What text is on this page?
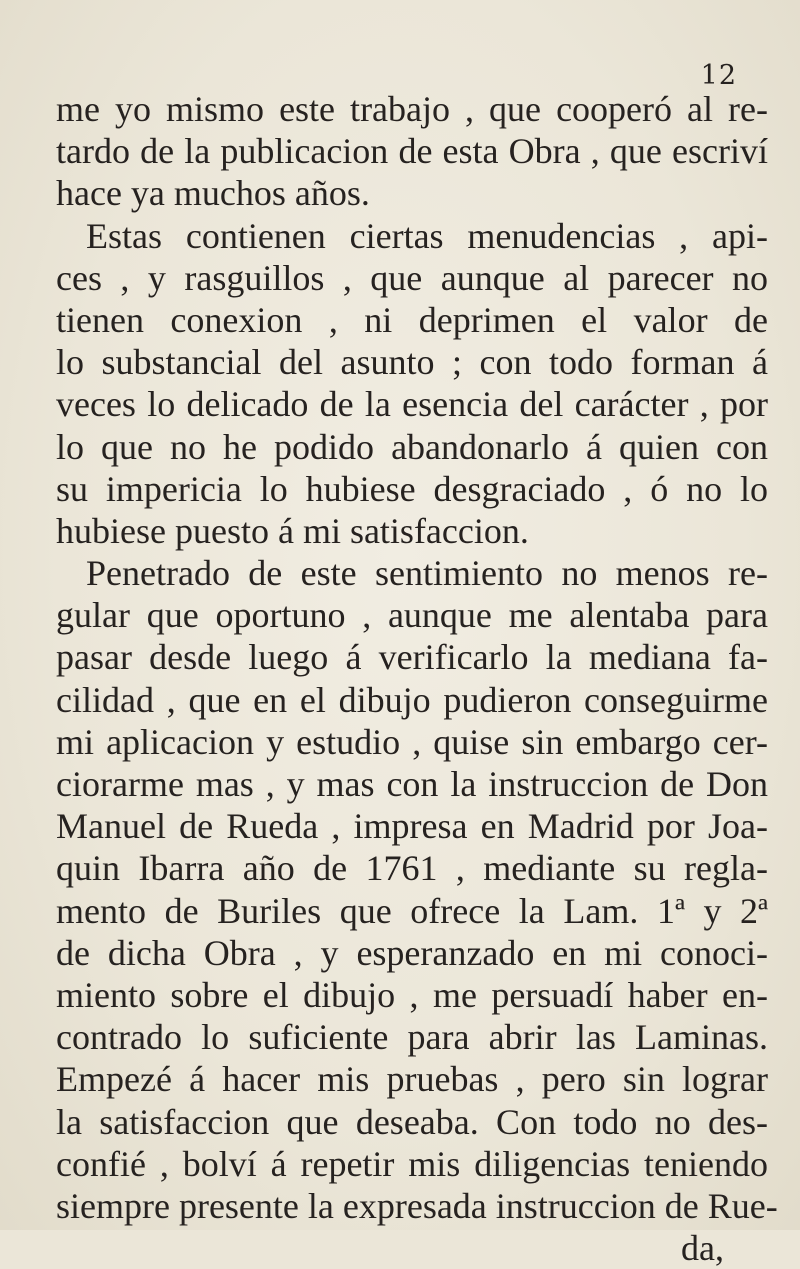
12
me yo mismo este trabajo , que cooperó al re-
tardo de la publicacion de esta Obra , que escriví
hace ya muchos años.
Estas contienen ciertas menudencias , api-
ces , y rasguillos , que aunque al parecer no
tienen conexion , ni deprimen el valor de
lo substancial del asunto ; con todo forman á
veces lo delicado de la esencia del carácter , por
lo que no he podido abandonarlo á quien con
su impericia lo hubiese desgraciado , ó no lo
hubiese puesto á mi satisfaccion.
Penetrado de este sentimiento no menos re-
gular que oportuno , aunque me alentaba para
pasar desde luego á verificarlo la mediana fa-
cilidad , que en el dibujo pudieron conseguirme
mi aplicacion y estudio , quise sin embargo cer-
ciorarme mas , y mas con la instruccion de Don
Manuel de Rueda , impresa en Madrid por Joa-
quin Ibarra año de 1761 , mediante su regla-
mento de Buriles que ofrece la Lam. 1ª y 2ª
de dicha Obra , y esperanzado en mi conoci-
miento sobre el dibujo , me persuadí haber en-
contrado lo suficiente para abrir las Laminas.
Empezé á hacer mis pruebas , pero sin lograr
la satisfaccion que deseaba. Con todo no des-
confié , bolví á repetir mis diligencias teniendo
siempre presente la expresada instruccion de Rue-
da,
